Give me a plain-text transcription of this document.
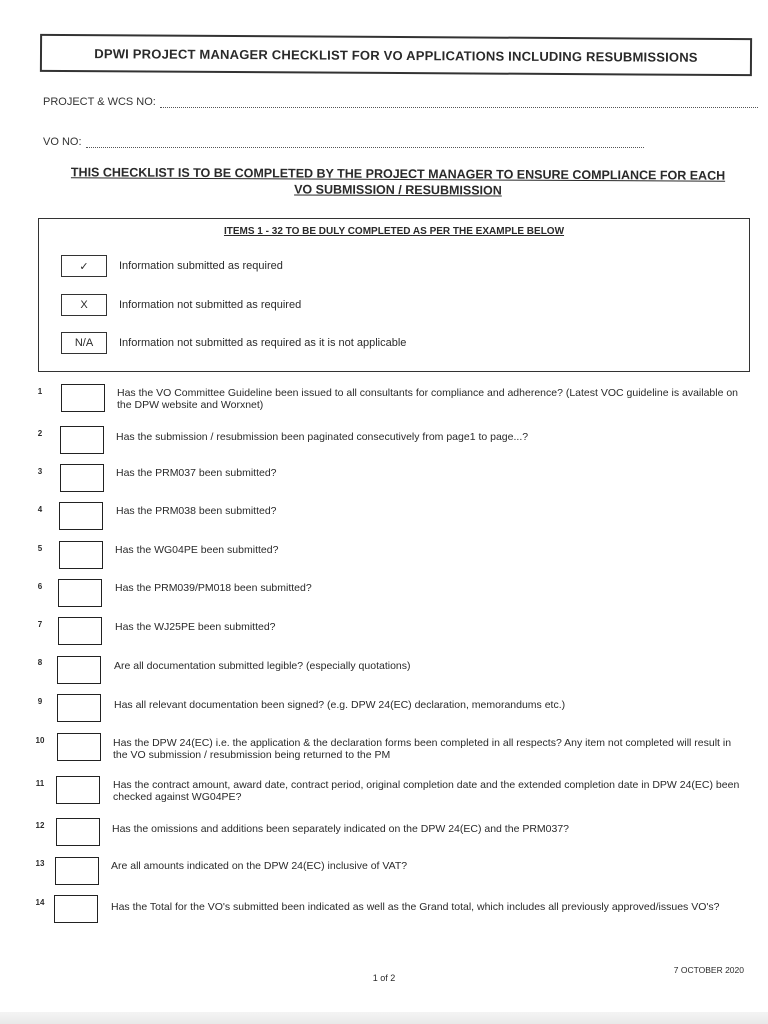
DPWI PROJECT MANAGER CHECKLIST FOR VO APPLICATIONS INCLUDING RESUBMISSIONS
PROJECT & WCS NO:
VO NO:
THIS CHECKLIST IS TO BE COMPLETED BY THE PROJECT MANAGER TO ENSURE COMPLIANCE FOR EACH
VO SUBMISSION / RESUBMISSION
ITEMS 1 - 32 TO BE DULY COMPLETED AS PER THE EXAMPLE BELOW
✓	Information submitted as required
X	Information not submitted as required
N/A	Information not submitted as required as it is not applicable
1	Has the VO Committee Guideline been issued to all consultants for compliance and adherence? (Latest VOC guideline is available on the DPW website and Worxnet)
2	Has the submission / resubmission been paginated consecutively from page1 to page...?
3	Has the PRM037 been submitted?
4	Has the PRM038 been submitted?
5	Has the WG04PE been submitted?
6	Has the PRM039/PM018 been submitted?
7	Has the WJ25PE been submitted?
8	Are all documentation submitted legible? (especially quotations)
9	Has all relevant documentation been signed? (e.g. DPW 24(EC) declaration, memorandums etc.)
10	Has the DPW 24(EC) i.e. the application & the declaration forms been completed in all respects? Any item not completed will result in the VO submission / resubmission being returned to the PM
11	Has the contract amount, award date, contract period, original completion date and the extended completion date in DPW 24(EC) been checked against WG04PE?
12	Has the omissions and additions been separately indicated on the DPW 24(EC) and the PRM037?
13	Are all amounts indicated on the DPW 24(EC) inclusive of VAT?
14	Has the Total for the VO's submitted been indicated as well as the Grand total, which includes all previously approved/issues VO's?
7 OCTOBER 2020
1 of 2
